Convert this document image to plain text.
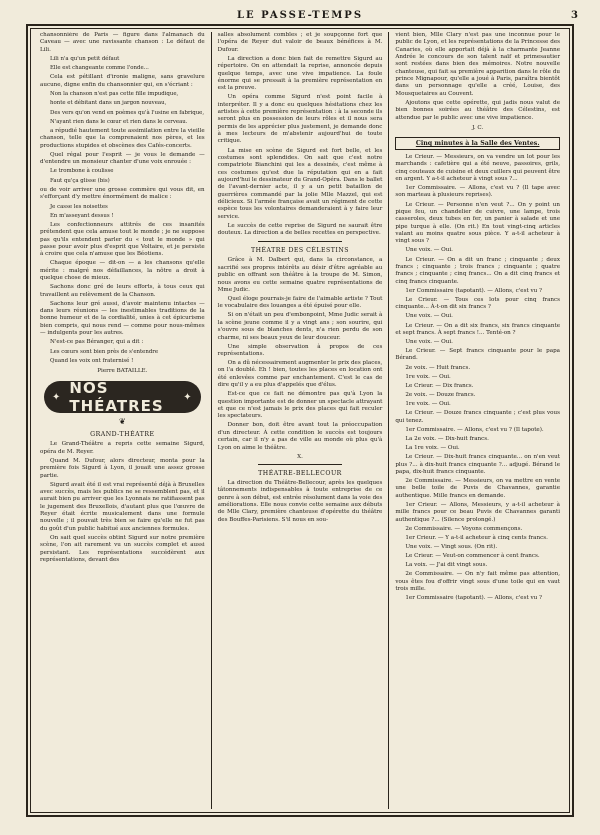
LE PASSE-TEMPS	3

chansonnière de Paris — figure dans l'almanach du Caveau — avec une ravissante chanson : Le défaut de Lili.

Lili n'a qu'un petit défaut

Elle est changeante comme l'onde...

Cela est pétillant d'ironie maligne, sans gravelure aucune, digne enfin du chansonnier qui, en s'écriant :

Non la chanson n'est pas cette fille impudique,

honte et débitant dans un jargon nouveau,

Des vers qu'on vend en poèmes qu'à l'usine en fabrique,

N'ayant rien dans le cœur et rien dans le cerveau.

a répudié hautement toute assimilation entre la vieille chanson, telle que la comprenaient nos pères, et les productions stupides et obscènes des Cafés-concerts.

Quel régal pour l'esprit — je vous le demande — d'entendre un monsieur chanter d'une voix enrouée :

Le trombone à coulisse

Faut qu'ça glisse (bis)

ou de voir arriver une grosse commère qui vous dit, en s'efforçant d'y mettre énormément de malice :

Je casse les noisettes

En m'asseyant dessus !

Les confectionneurs attitrés de ces insanités prétendent que cela amuse tout le monde ; je ne suppose pas qu'ils entendent parler du « tout le monde » qui passe pour avoir plus d'esprit que Voltaire, et je persiste à croire que cela n'amuse que les Béotiens.

Chaque époque — dit-on — a les chansons qu'elle mérite : malgré nos défaillances, la nôtre a droit à quelque chose de mieux.

Sachons donc gré de leurs efforts, à tous ceux qui travaillent au relèvement de la Chanson.

Sachons leur gré aussi, d'avoir maintenu intactes — dans leurs réunions — les inestimables traditions de la bonne humeur et de la cordialité, unies à cet épicurisme bien compris, qui nous rend — comme pour nous-mêmes — indulgents pour les autres.

N'est-ce pas Béranger, qui a dit :

Les cœurs sont bien près de s'entendre

Quand les voix ont fraternisé !

Pierre BATAILLE.

✦ NOS THÉATRES	✦
❦
GRAND-THÉATRE

Le Grand-Théâtre a repris cette semaine Sigurd, opéra de M. Reyer.

Quand M. Dufour, alors directeur, monta pour la première fois Sigurd à Lyon, il jouait une assez grosse partie.

Sigurd avait été il est vrai représenté déjà à Bruxelles avec succès, mais les publics ne se ressemblent pas, et il aurait bien pu arriver que les Lyonnais ne ratifiassent pas le jugement des Bruxellois, d'autant plus que l'œuvre de Reyer était écrite musicalement dans une formule nouvelle ; il pouvait très bien se faire qu'elle ne fut pas du goût d'un public habitué aux anciennes formules.

On sait quel succès obtint Sigurd sur notre première scène, l'on ait rarement vu un succès complet et aussi persistant. Les représentations succédèrent aux représentations, devant des

salles absolument combles ; et je soupçonne fort que l'opéra de Reyer dut valoir de beaux bénéfices à M. Dufour.

La direction a donc bien fait de remettre Sigurd au répertoire. On en attendait la reprise, annoncée depuis quelque temps, avec une vive impatience. La foule énorme qui se pressait à la première représentation en est la preuve.

Un opéra comme Sigurd n'est point facile à interpréter. Il y a donc eu quelques hésitations chez les artistes à cette première représentation : à la seconde ils seront plus en possession de leurs rôles et il nous sera permis de les apprécier plus justement, je demande donc à mes lecteurs de m'abstenir aujourd'hui de toute critique.

La mise en scène de Sigurd est fort belle, et les costumes sont splendides. On sait que c'est notre compatriote Bianchini qui les a dessinés, c'est même à ces costumes qu'est due la réputation qui en a fait aujourd'hui le dessinateur du Grand-Opéra. Dans le ballet de l'avant-dernier acte, il y a un petit bataillon de guerrières commandé par la jolie Mlle Mazzel, qui est délicieux. Si l'armée française avait un régiment de cette espèce tous les volontaires demanderaient à y faire leur service.

Le succès de cette reprise de Sigurd ne saurait être douteux. La direction a de belles recettes en perspective.

THÉATRE DES CÉLESTINS

Grâce à M. Dalbert qui, dans la circonstance, a sacrifié ses propres intérêts au désir d'être agréable au public en offrant son théâtre à la troupe de M. Simon, nous avons eu cette semaine quatre représentations de Mme Judic.

Quel éloge pourrais-je faire de l'aimable artiste ? Tout le vocabulaire des louanges a été épuisé pour elle.

Si on n'était un peu d'embonpoint, Mme Judic serait à la scène jeune comme il y a vingt ans ; son sourire, qui s'ouvre sous de blanches dents, n'a rien perdu de son charme, ni ses beaux yeux de leur douceur.

Une simple observation à propos de ces représentations.

On a dû nécessairement augmenter le prix des places, on l'a doublé. Eh ! bien, toutes les places en location ont été enlevées comme par enchantement. C'est le cas de dire qu'il y a eu plus d'appelés que d'élus.

Est-ce que ce fait ne démontre pas qu'à Lyon la question importante est de donner un spectacle attrayant et que ce n'est jamais le prix des places qui fait reculer les spectateurs.

Donner bon, doit être avant tout la préoccupation d'un directeur. À cette condition le succès est toujours certain, car il n'y a pas de ville au monde où plus qu'à Lyon on aime le théâtre.

X.
THÉATRE-BELLECOUR

La direction du Théâtre-Bellecour, après les quelques tâtonnements indispensables à toute entreprise de ce genre à son début, est entrée résolument dans la voie des améliorations. Elle nous convie cette semaine aux débuts de Mlle Clary, première chanteuse d'opérette du théâtre des Bouffes-Parisiens. S'il nous en sou-

vient bien, Mlle Clary n'est pas une inconnue pour le public de Lyon, et les représentations de la Princesse des Canaries, où elle apportait déjà à la charmante Jeanne Andrée le concours de son talent naïf et primesautier sont restées dans bien des mémoires. Notre nouvelle chanteuse, qui fait sa première apparition dans le rôle du prince Mignapour, qu'elle a joué à Paris, paraîtra bientôt dans un personnage qu'elle a créé, Louise, des Mousquetaires au Couvent.

Ajoutons que cette opérette, qui jadis nous valut de bien bonnes soirées au théâtre des Célestins, est attendue par le public avec une vive impatience.

J. C.
Cinq minutes à la Salle des Ventes.

Le Crieur. — Messieurs, on va vendre un lot pour les marchands : cafetière qui a été neuve, passoires, grils, cinq couteaux de cuisine et deux cuillers qui peuvent être en argent. Y a-t-il acheteur à vingt sous ?...

1er Commissaire. — Allons, c'est vu ? (Il tape avec son marteau à plusieurs reprises).

Le Crieur. — Personne n'en veut ?... On y point un pique feu, un chandelier de cuivre, une lampe, trois casseroles, deux tubes en fer, un panier à salade et une pipe turque à elle. (On rit.) En tout vingt-cinq articles valant au moins quatre sous pièce. Y a-t-il acheteur à vingt sous ?

Une voix. — Oui.

Le Crieur. — On a dit un franc ; cinquante ; deux francs ; cinquante ; trois francs ; cinquante ; quatre francs ; cinquante ; cinq francs... On a dit cinq francs et cinq francs cinquante.

1er Commissaire (tapotant). — Allons, c'est vu ?

Le Crieur. — Tous ces lots pour cinq francs cinquante... À-t-on dit six francs ?

Une voix. — Oui.

Le Crieur. — On a dit six francs, six francs cinquante et sept francs. À sept francs !... Tenté-on ?

Une voix. — Oui.

Le Crieur. — Sept francs cinquante pour le papa Bérand.

2e voix. — Huit francs.

1re voix. — Oui.

Le Crieur. — Dix francs.

2e voix. — Douze francs.

1re voix. — Oui.

Le Crieur. — Douze francs cinquante ; c'est plus vous qui tenez.

1er Commissaire. — Allons, c'est vu ? (Il tapote).

La 2e voix. — Dix-huit francs.

La 1re voix. — Oui.

Le Crieur. — Dix-huit francs cinquante... on n'en veut plus ?... à dix-huit francs cinquante ?... adjugé. Bérand le papa, dix-huit francs cinquante.

2e Commissaire. — Messieurs, on va mettre en vente une belle toile de Puvis de Chavannes, garantie authentique. Mille francs en demande.

1er Crieur. — Allons, Messieurs, y a-t-il acheteur à mille francs pour ce beau Puvis de Chavannes garanti authentique ?... (Silence prolongé.)

2e Commissaire. — Voyons commençons.

1er Crieur. — Y a-t-il acheteur à cinq cents francs.

Une voix. — Vingt sous. (On rit).

Le Crieur. — Veut-on commencer à cent francs.

La voix. — J'ai dit vingt sous.

2e Commissaire. — On n'y fait même pas attention, vous êtes fou d'offrir vingt sous d'une toile qui en vaut trois mille.

1er Commissaire (tapotant). — Allons, c'est vu ?
